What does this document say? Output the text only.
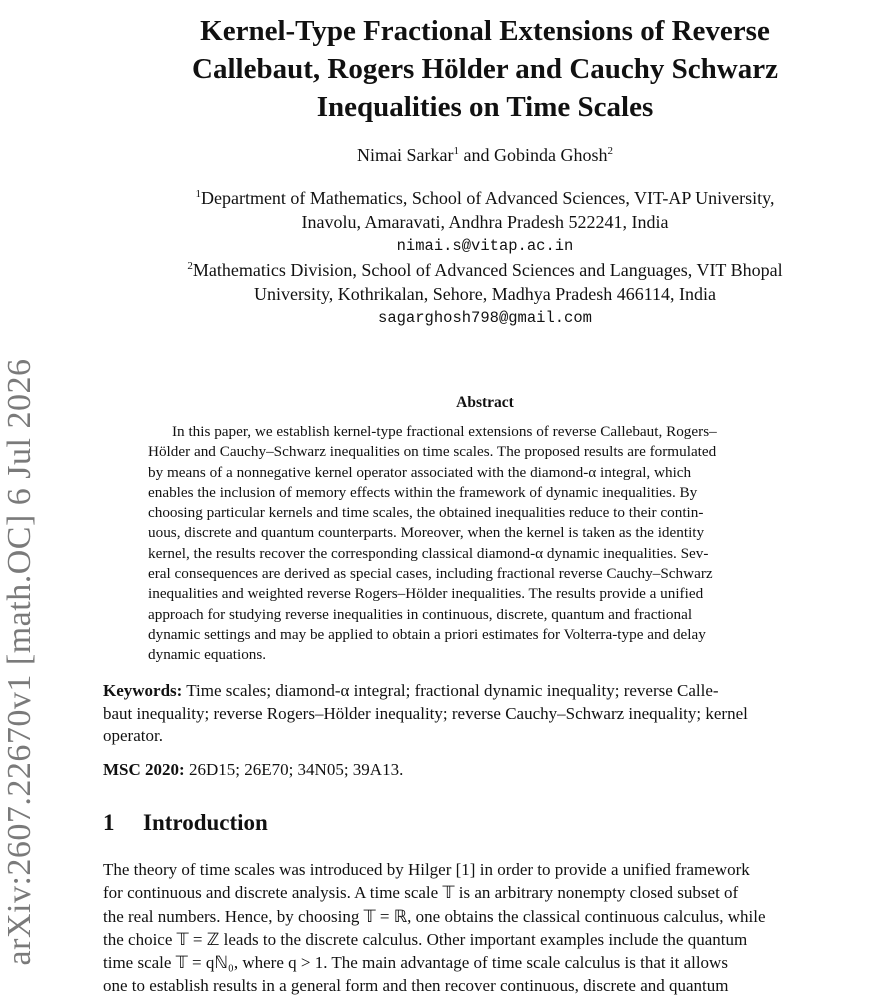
arXiv:2607.22670v1 [math.OC] 6 Jul 2026
Kernel-Type Fractional Extensions of Reverse
Callebaut, Rogers Hölder and Cauchy Schwarz
Inequalities on Time Scales
Nimai Sarkar$^1$ and Gobinda Ghosh$^2$
$^1$Department of Mathematics, School of Advanced Sciences, VIT-AP University,
Inavolu, Amaravati, Andhra Pradesh 522241, India
nimai.s@vitap.ac.in
$^2$Mathematics Division, School of Advanced Sciences and Languages, VIT Bhopal
University, Kothrikalan, Sehore, Madhya Pradesh 466114, India
sagarghosh798@gmail.com
Abstract
In this paper, we establish kernel-type fractional extensions of reverse Callebaut, Rogers–
Hölder and Cauchy–Schwarz inequalities on time scales. The proposed results are formulated
by means of a nonnegative kernel operator associated with the diamond-α integral, which
enables the inclusion of memory effects within the framework of dynamic inequalities. By
choosing particular kernels and time scales, the obtained inequalities reduce to their contin-
uous, discrete and quantum counterparts. Moreover, when the kernel is taken as the identity
kernel, the results recover the corresponding classical diamond-α dynamic inequalities. Sev-
eral consequences are derived as special cases, including fractional reverse Cauchy–Schwarz
inequalities and weighted reverse Rogers–Hölder inequalities. The results provide a unified
approach for studying reverse inequalities in continuous, discrete, quantum and fractional
dynamic settings and may be applied to obtain a priori estimates for Volterra-type and delay
dynamic equations.
Keywords: Time scales; diamond-α integral; fractional dynamic inequality; reverse Calle-
baut inequality; reverse Rogers–Hölder inequality; reverse Cauchy–Schwarz inequality; kernel
operator.
MSC 2020: 26D15; 26E70; 34N05; 39A13.
1 Introduction
The theory of time scales was introduced by Hilger [1] in order to provide a unified framework
for continuous and discrete analysis. A time scale 𝕋 is an arbitrary nonempty closed subset of
the real numbers. Hence, by choosing 𝕋 = ℝ, one obtains the classical continuous calculus, while
the choice 𝕋 = ℤ leads to the discrete calculus. Other important examples include the quantum
time scale 𝕋 = qℕ₀, where q > 1. The main advantage of time scale calculus is that it allows
one to establish results in a general form and then recover continuous, discrete and quantum
